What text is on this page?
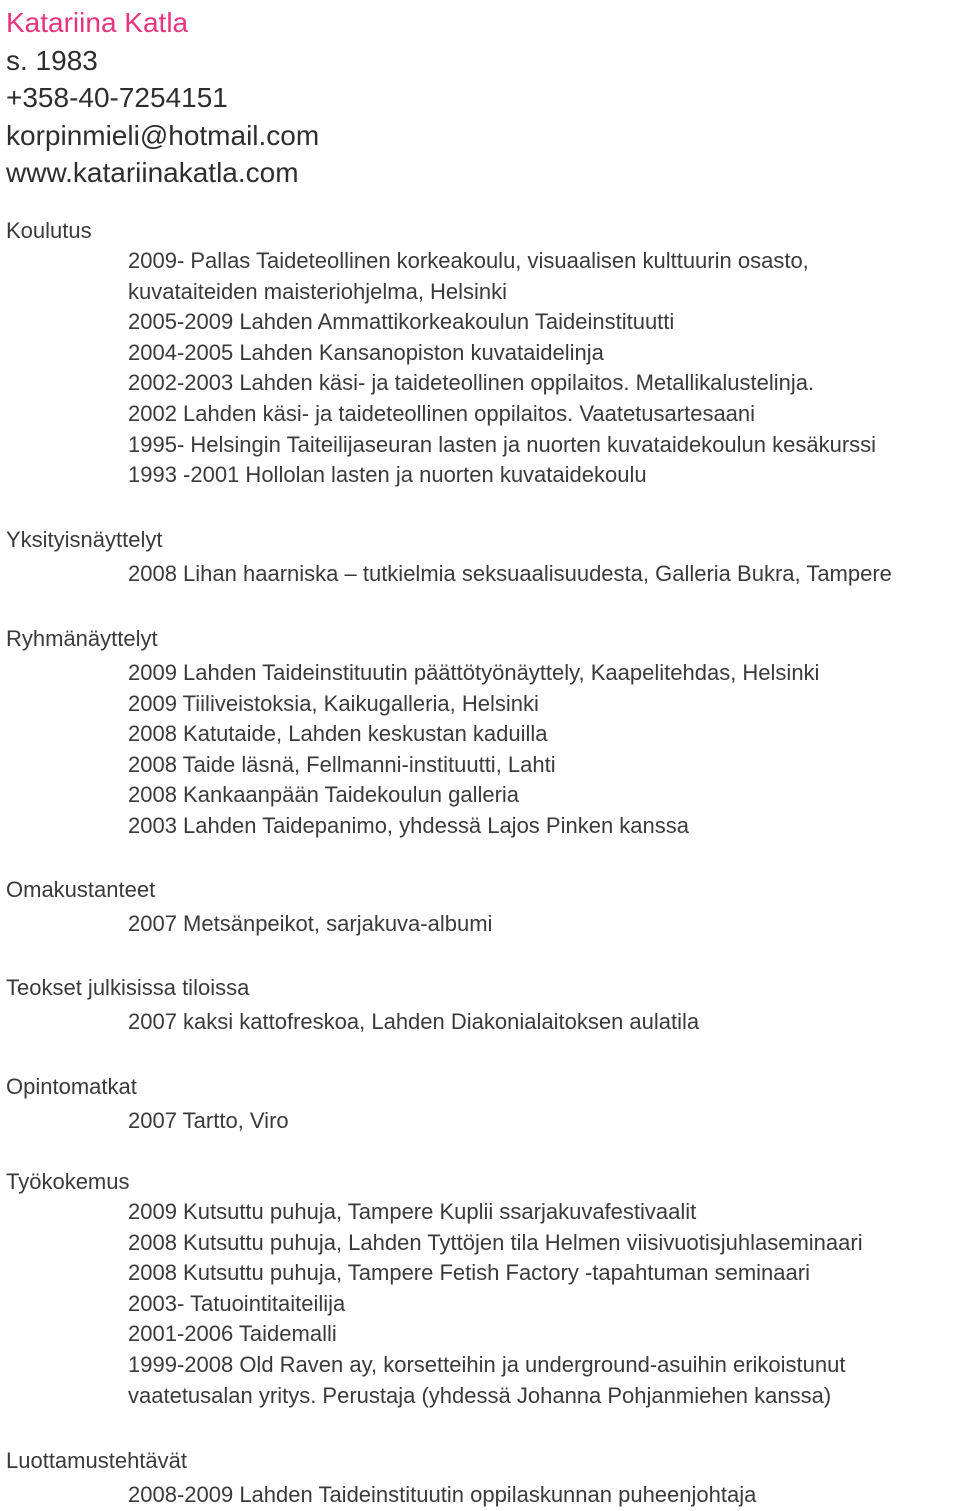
Katariina Katla
s. 1983
+358-40-7254151
korpinmieli@hotmail.com
www.katariinakatla.com
Koulutus
2009- Pallas Taideteollinen korkeakoulu, visuaalisen kulttuurin osasto,
kuvataiteiden maisteriohjelma, Helsinki
2005-2009 Lahden Ammattikorkeakoulun Taideinstituutti
2004-2005 Lahden Kansanopiston kuvataidelinja
2002-2003 Lahden käsi- ja taideteollinen oppilaitos. Metallikalustelinja.
2002 Lahden käsi- ja taideteollinen oppilaitos. Vaatetusartesaani
1995- Helsingin Taiteilijaseuran lasten ja nuorten kuvataidekoulun kesäkurssi
1993 -2001 Hollolan lasten ja nuorten kuvataidekoulu
Yksityisnäyttelyt
2008 Lihan haarniska – tutkielmia seksuaalisuudesta, Galleria Bukra, Tampere
Ryhmänäyttelyt
2009 Lahden Taideinstituutin päättötyönäyttely, Kaapelitehdas, Helsinki
2009 Tiiliveistoksia, Kaikugalleria, Helsinki
2008 Katutaide, Lahden keskustan kaduilla
2008 Taide läsnä, Fellmanni-instituutti, Lahti
2008 Kankaanpään Taidekoulun galleria
2003 Lahden Taidepanimo, yhdessä Lajos Pinken kanssa
Omakustanteet
2007 Metsänpeikot, sarjakuva-albumi
Teokset julkisissa tiloissa
2007 kaksi kattofreskoa, Lahden Diakonialaitoksen aulatila
Opintomatkat
2007 Tartto, Viro
Työkokemus
2009 Kutsuttu puhuja, Tampere Kuplii ssarjakuvafestivaalit
2008 Kutsuttu puhuja, Lahden Tyttöjen tila Helmen viisivuotisjuhlaseminaari
2008 Kutsuttu puhuja, Tampere Fetish Factory -tapahtuman seminaari
2003- Tatuointitaiteilija
2001-2006 Taidemalli
1999-2008 Old Raven ay, korsetteihin ja underground-asuihin erikoistunut
vaatetusalan yritys. Perustaja (yhdessä Johanna Pohjanmiehen kanssa)
Luottamustehtävät
2008-2009 Lahden Taideinstituutin oppilaskunnan puheenjohtaja
